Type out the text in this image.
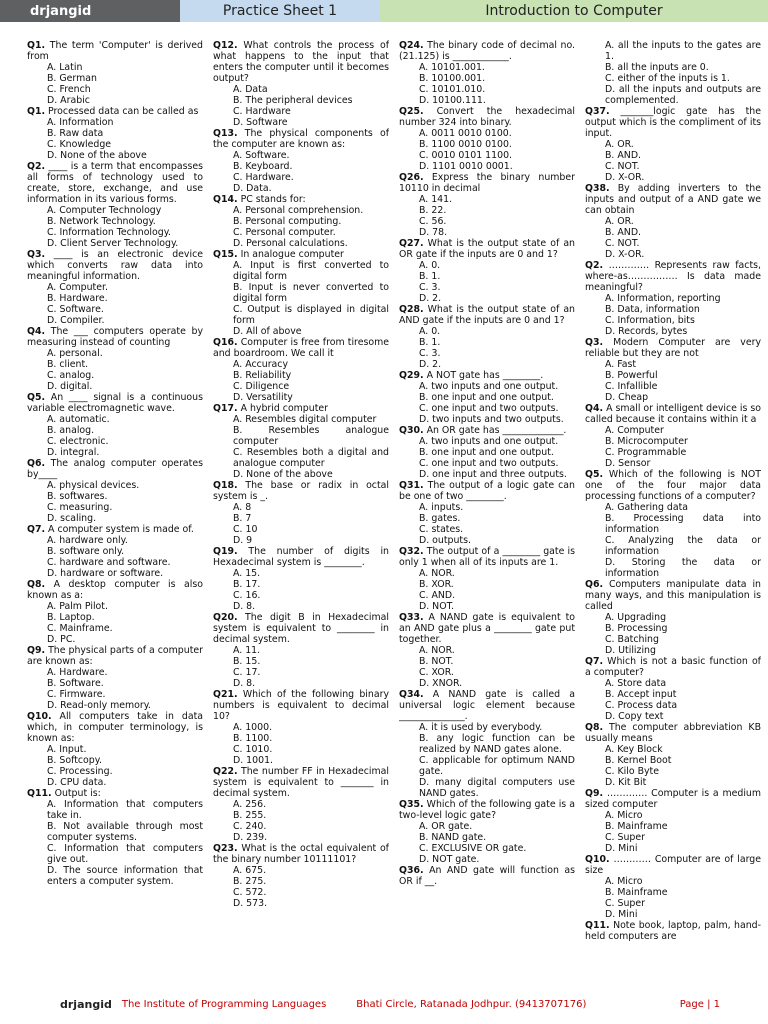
drjangid	Practice Sheet 1	Introduction to Computer

Q1. The term 'Computer' is derived from

A. Latin

B. German

C. French

D. Arabic

Q1. Processed data can be called as

A. Information

B. Raw data

C. Knowledge

D. None of the above

Q2. ____ is a term that encompasses all forms of technology used to create, store, exchange, and use information in its various forms.

A. Computer Technology

B. Network Technology.

C. Information Technology.

D. Client Server Technology.

Q3. ____ is an electronic device which converts raw data into meaningful information.

A. Computer.

B. Hardware.

C. Software.

D. Compiler.

Q4. The ___ computers operate by measuring instead of counting

A. personal.

B. client.

C. analog.

D. digital.

Q5. An ____ signal is a continuous variable electromagnetic wave.

A. automatic.

B. analog.

C. electronic.

D. integral.

Q6. The analog computer operates by____

A. physical devices.

B. softwares.

C. measuring.

D. scaling.

Q7. A computer system is made of.

A. hardware only.

B. software only.

C. hardware and software.

D. hardware or software.

Q8. A desktop computer is also known as a:

A. Palm Pilot.

B. Laptop.

C. Mainframe.

D. PC.

Q9. The physical parts of a computer are known as:

A. Hardware.

B. Software.

C. Firmware.

D. Read-only memory.

Q10. All computers take in data which, in computer terminology, is known as:

A. Input.

B. Softcopy.

C. Processing.

D. CPU data.

Q11. Output is:

A. Information that computers take in.

B. Not available through most computer systems.

C. Information that computers give out.

D. The source information that enters a computer system.

Q12. What controls the process of what happens to the input that enters the computer until it becomes output?

A. Data

B. The peripheral devices

C. Hardware

D. Software

Q13. The physical components of the computer are known as:

A. Software.

B. Keyboard.

C. Hardware.

D. Data.

Q14. PC stands for:

A. Personal comprehension.

B. Personal computing.

C. Personal computer.

D. Personal calculations.

Q15. In analogue computer

A. Input is first converted to digital form

B. Input is never converted to digital form

C. Output is displayed in digital form

D. All of above

Q16. Computer is free from tiresome and boardroom. We call it

A. Accuracy

B. Reliability

C. Diligence

D. Versatility

Q17. A hybrid computer

A. Resembles digital computer

B. Resembles analogue computer

C. Resembles both a digital and analogue computer

D. None of the above

Q18. The base or radix in octal system is _.

A. 8

B. 7

C. 10

D. 9

Q19. The number of digits in Hexadecimal system is ________.

A. 15.

B. 17.

C. 16.

D. 8.

Q20. The digit B in Hexadecimal system is equivalent to ________ in decimal system.

A. 11.

B. 15.

C. 17.

D. 8.

Q21. Which of the following binary numbers is equivalent to decimal 10?

A. 1000.

B. 1100.

C. 1010.

D. 1001.

Q22. The number FF in Hexadecimal system is equivalent to _______ in decimal system.

A. 256.

B. 255.

C. 240.

D. 239.

Q23. What is the octal equivalent of the binary number 10111101?

A. 675.

B. 275.

C. 572.

D. 573.

Q24. The binary code of decimal no. (21.125) is ____________.

A. 10101.001.

B. 10100.001.

C. 10101.010.

D. 10100.111.

Q25. Convert the hexadecimal number 324 into binary.

A. 0011 0010 0100.

B. 1100 0010 0100.

C. 0010 0101 1100.

D. 1101 0010 0001.

Q26. Express the binary number 10110 in decimal

A. 141.

B. 22.

C. 56.

D. 78.

Q27. What is the output state of an OR gate if the inputs are 0 and 1?

A. 0.

B. 1.

C. 3.

D. 2.

Q28. What is the output state of an AND gate if the inputs are 0 and 1?

A. 0.

B. 1.

C. 3.

D. 2.

Q29. A NOT gate has ________.

A. two inputs and one output.

B. one input and one output.

C. one input and two outputs.

D. two inputs and two outputs.

Q30. An OR gate has _____________.

A. two inputs and one output.

B. one input and one output.

C. one input and two outputs.

D. one input and three outputs.

Q31. The output of a logic gate can be one of two ________.

A. inputs.

B. gates.

C. states.

D. outputs.

Q32. The output of a ________ gate is only 1 when all of its inputs are 1.

A. NOR.

B. XOR.

C. AND.

D. NOT.

Q33. A NAND gate is equivalent to an AND gate plus a ________ gate put together.

A. NOR.

B. NOT.

C. XOR.

D. XNOR.

Q34. A NAND gate is called a universal logic element because ______________.

A. it is used by everybody.

B. any logic function can be realized by NAND gates alone.

C. applicable for optimum NAND gate.

D. many digital computers use NAND gates.

Q35. Which of the following gate is a two-level logic gate?

A. OR gate.

B. NAND gate.

C. EXCLUSIVE OR gate.

D. NOT gate.

Q36. An AND gate will function as OR if __.

A. all the inputs to the gates are 1.

B. all the inputs are 0.

C. either of the inputs is 1.

D. all the inputs and outputs are complemented.

Q37. _______logic gate has the output which is the compliment of its input.

A. OR.

B. AND.

C. NOT.

D. X-OR.

Q38. By adding inverters to the inputs and output of a AND gate we can obtain

A. OR.

B. AND.

C. NOT.

D. X-OR.

Q2. …………. Represents raw facts, where-as……………. Is data made meaningful?

A. Information, reporting

B. Data, information

C. Information, bits

D. Records, bytes

Q3. Modern Computer are very reliable but they are not

A. Fast

B. Powerful

C. Infallible

D. Cheap

Q4. A small or intelligent device is so called because it contains within it a

A. Computer

B. Microcomputer

C. Programmable

D. Sensor

Q5. Which of the following is NOT one of the four major data processing functions of a computer?

A. Gathering data

B. Processing data into information

C. Analyzing the data or information

D. Storing the data or information

Q6. Computers manipulate data in many ways, and this manipulation is called

A. Upgrading

B. Processing

C. Batching

D. Utilizing

Q7. Which is not a basic function of a computer?

A. Store data

B. Accept input

C. Process data

D. Copy text

Q8. The computer abbreviation KB usually means

A. Key Block

B. Kernel Boot

C. Kilo Byte

D. Kit Bit

Q9. …………. Computer is a medium sized computer

A. Micro

B. Mainframe

C. Super

D. Mini

Q10. ………… Computer are of large size

A. Micro

B. Mainframe

C. Super

D. Mini

Q11. Note book, laptop, palm, hand-held computers are

drjangid The Institute of Programming Languages	Bhati Circle, Ratanada Jodhpur. (9413707176)	Page | 1
